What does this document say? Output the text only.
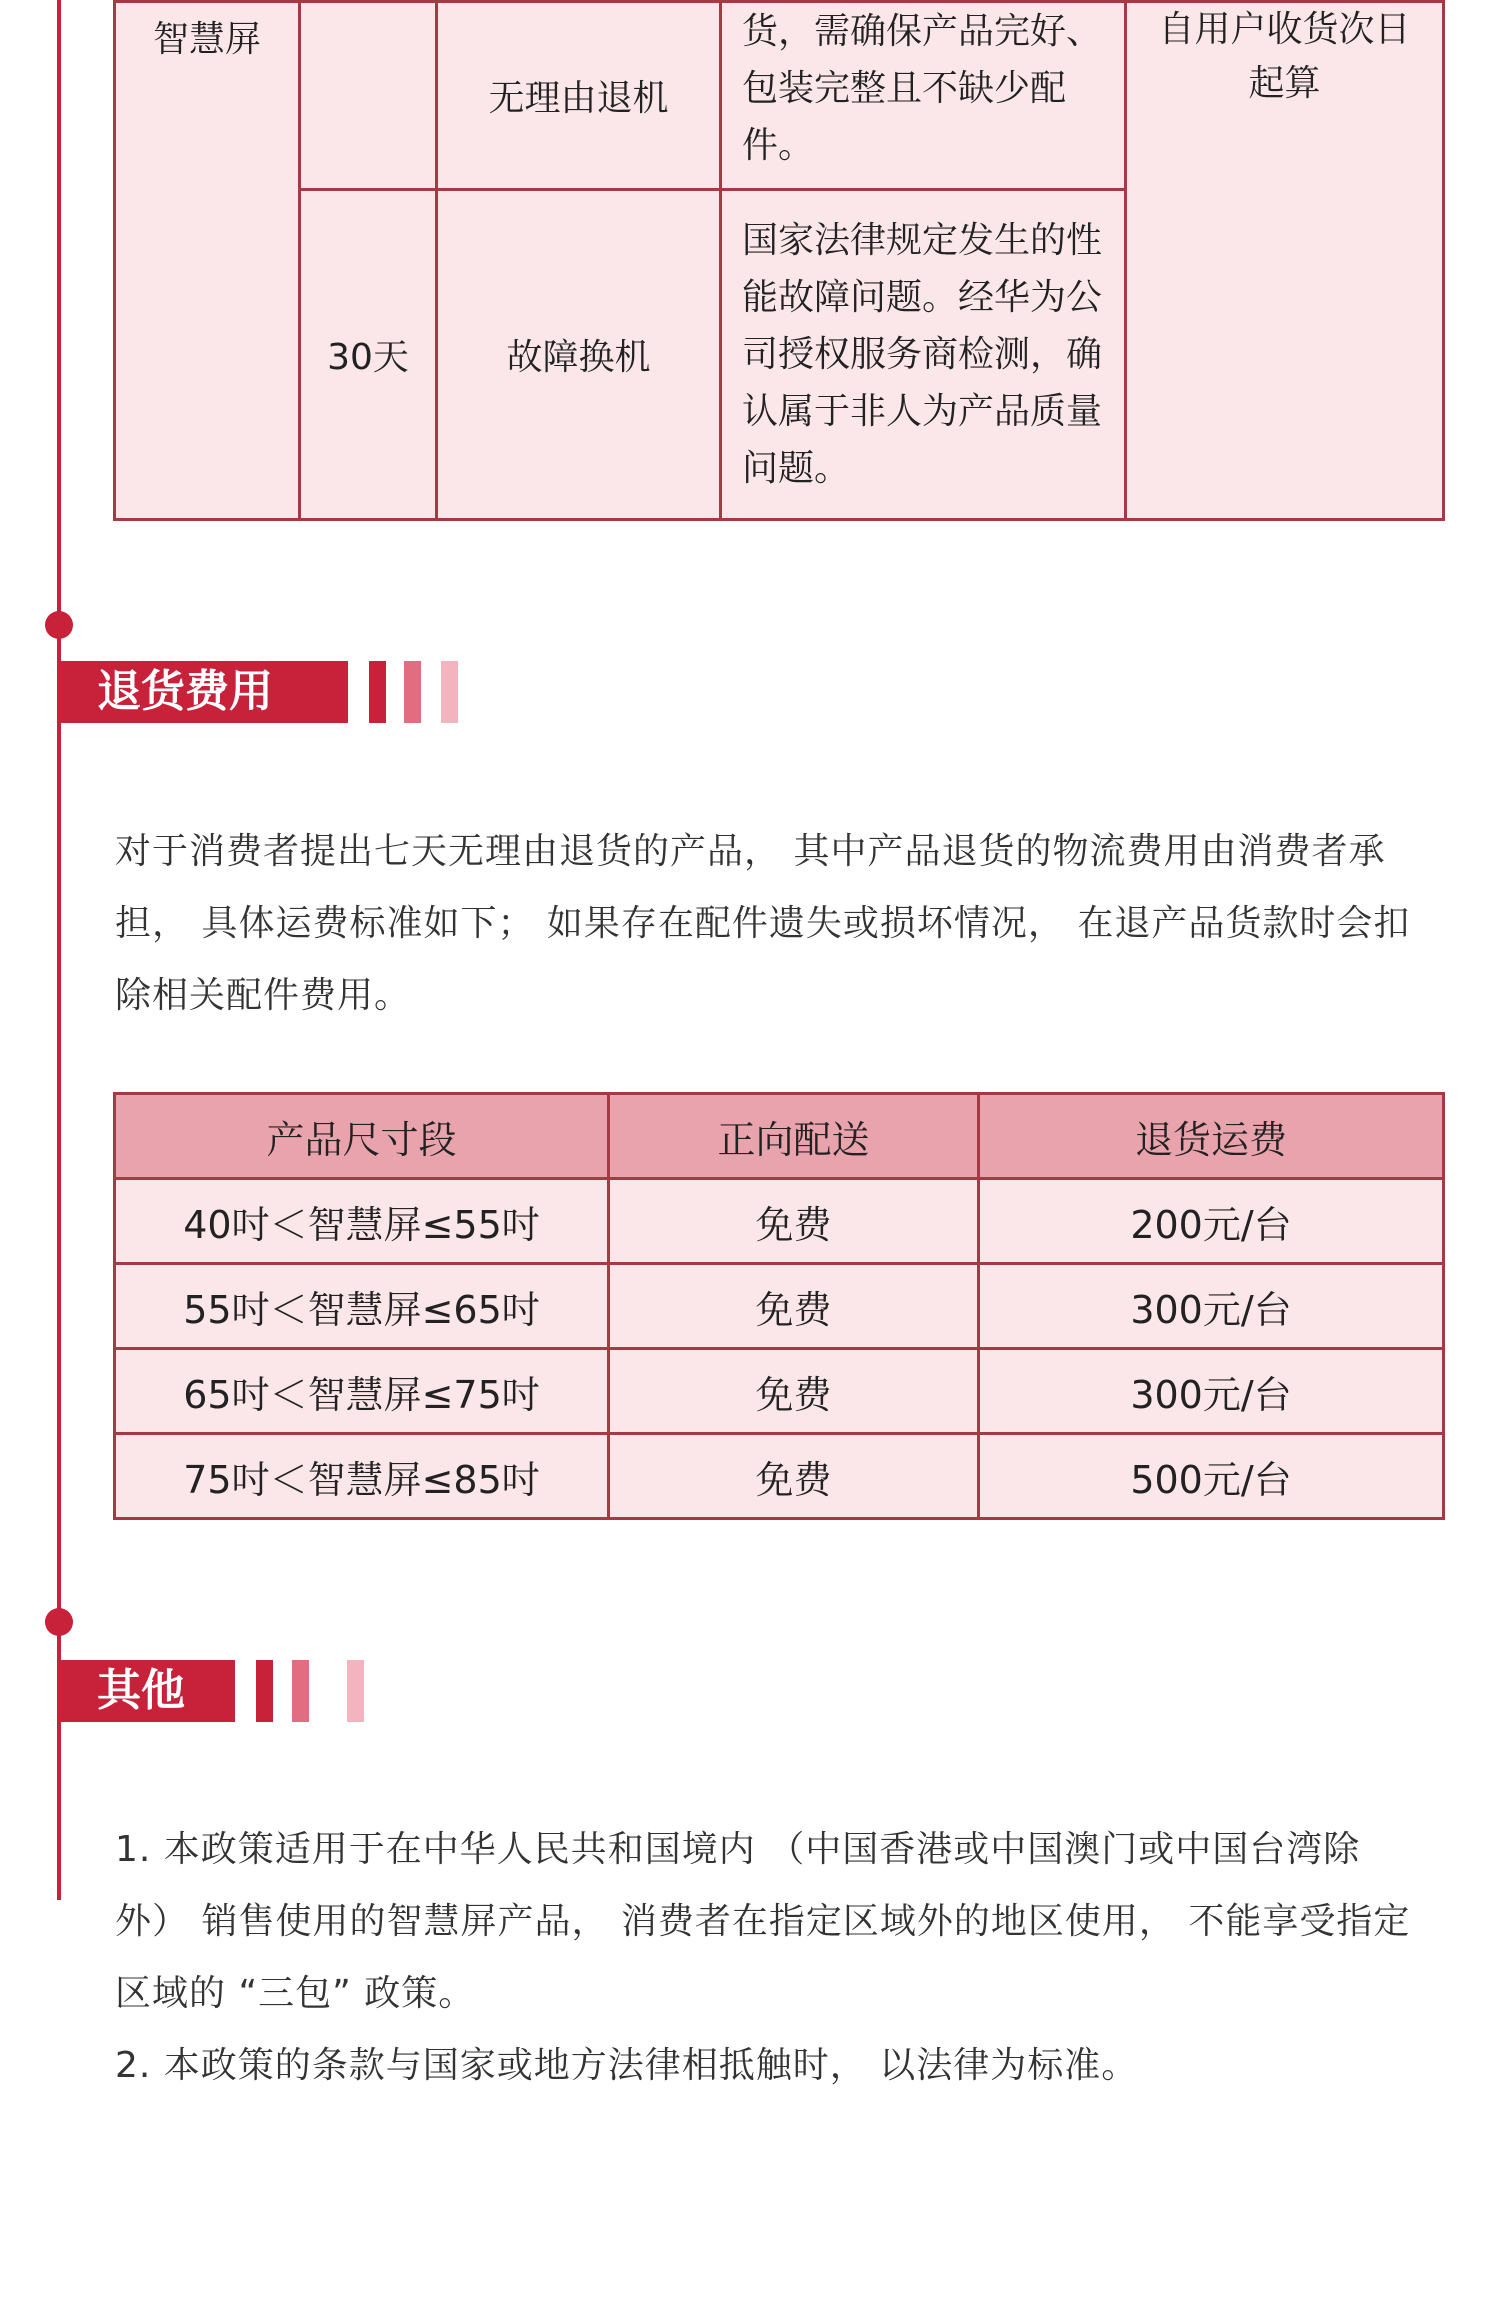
智慧屏		无理由退机	货，需确保产品完好、包装完整且不缺少配件。	自用户收货次日起算
	30天	故障换机	国家法律规定发生的性能故障问题。经华为公司授权服务商检测，确认属于非人为产品质量问题。	
退货费用
对于消费者提出七天无理由退货的产品， 其中产品退货的物流费用由消费者承担， 具体运费标准如下； 如果存在配件遗失或损坏情况， 在退产品货款时会扣除相关配件费用。
产品尺寸段	正向配送	退货运费
40吋＜智慧屏≤55吋	免费	200元/台
55吋＜智慧屏≤65吋	免费	300元/台
65吋＜智慧屏≤75吋	免费	300元/台
75吋＜智慧屏≤85吋	免费	500元/台
其他
1. 本政策适用于在中华人民共和国境内 （中国香港或中国澳门或中国台湾除外） 销售使用的智慧屏产品， 消费者在指定区域外的地区使用， 不能享受指定区域的 “三包” 政策。
2. 本政策的条款与国家或地方法律相抵触时， 以法律为标准。
